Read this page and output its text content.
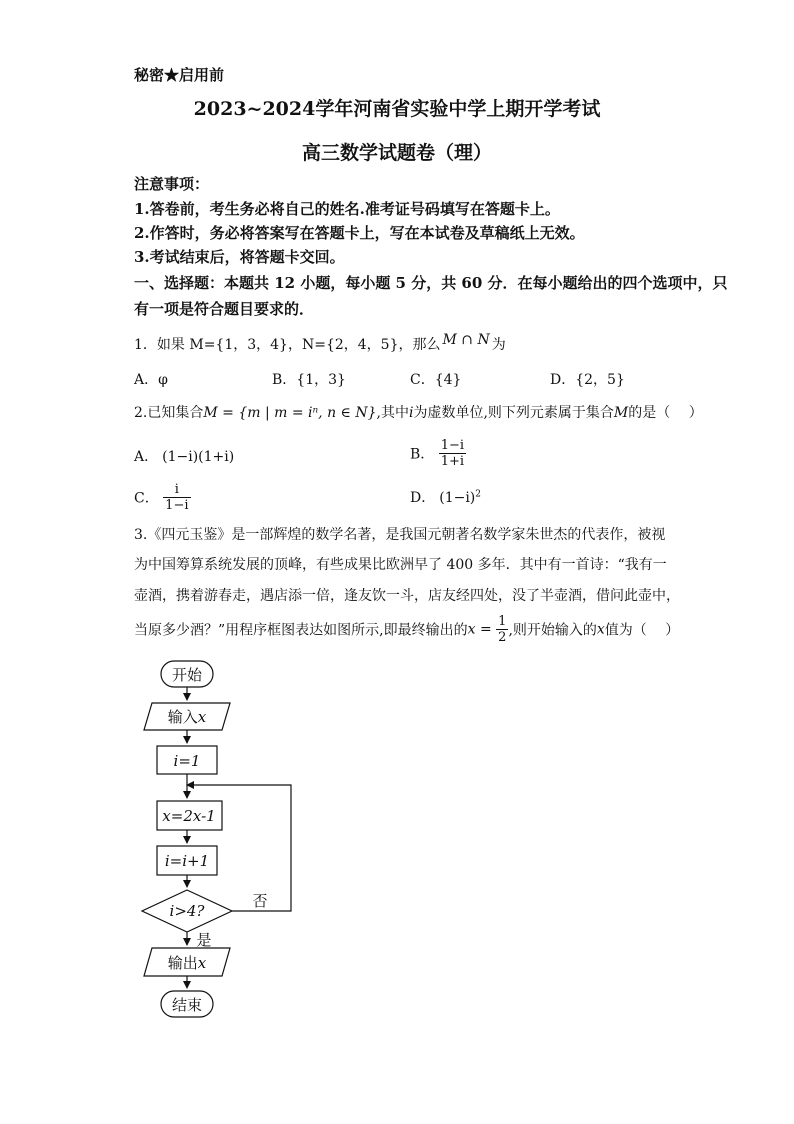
秘密★启用前
2023~2024学年河南省实验中学上期开学考试
高三数学试题卷（理）
注意事项：
1.答卷前，考生务必将自己的姓名.准考证号码填写在答题卡上。
2.作答时，务必将答案写在答题卡上，写在本试卷及草稿纸上无效。
3.考试结束后，将答题卡交回。
一、选择题：本题共 12 小题，每小题 5 分，共 60 分．在每小题给出的四个选项中，只
有一项是符合题目要求的．
1．如果 M={1，3，4}，N={2，4，5}，那么 M ∩ N 为
A．φ	B．{1，3}	C．{4}	D．{2，5}
2.已知集合M = {m | m = iⁿ, n ∈ N},其中i为虚数单位,则下列元素属于集合M的是（　 ）
A． (1−i)(1+i)	B． $\frac{1-i}{1+i}$
C． $\frac{i}{1-i}$	D． $(1-i)^2$
3.《四元玉鉴》是一部辉煌的数学名著，是我国元朝著名数学家朱世杰的代表作，被视
为中国筹算系统发展的顶峰，有些成果比欧洲早了 400 多年．其中有一首诗：“我有一
壶酒，携着游春走，遇店添一倍，逢友饮一斗，店友经四处，没了半壶酒，借问此壶中，
当原多少酒？”用程序框图表达如图所示,即最终输出的$x = \frac{1}{2}$ ,则开始输入的x值为（　 ）
开始
输入x
i=1
x=2x-1
i=i+1
i>4?
否
是
输出x
结束
